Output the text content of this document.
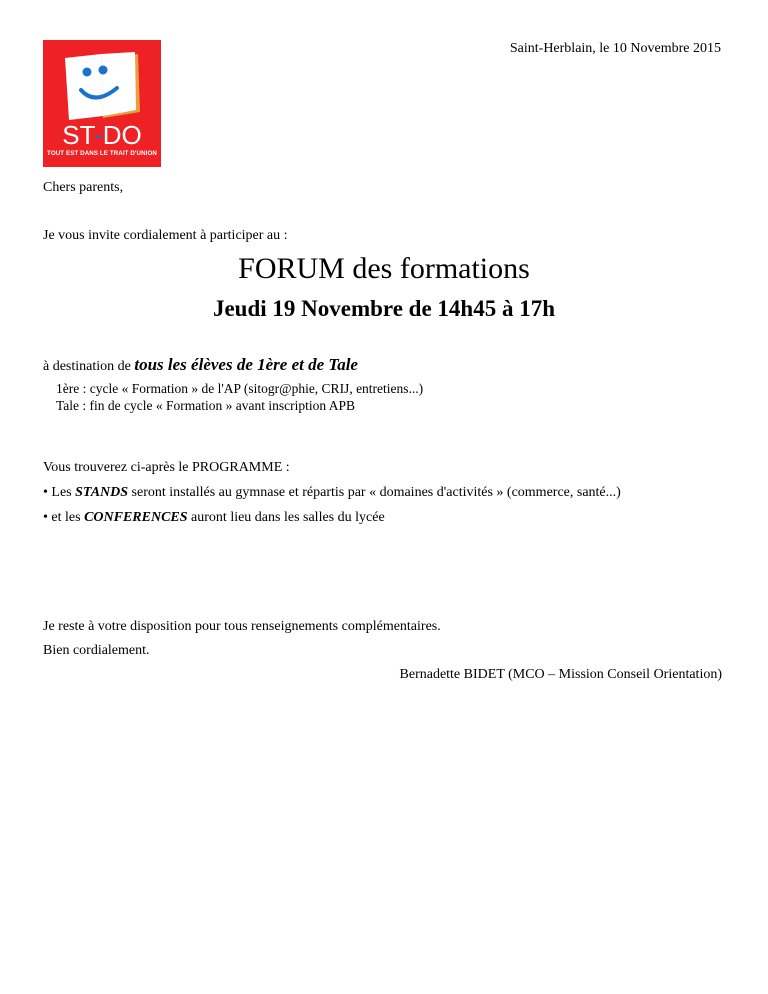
ST-DO
TOUT EST DANS LE TRAIT D'UNION
Saint-Herblain, le 10 Novembre 2015
Chers parents,
Je vous invite cordialement à participer au :
FORUM des formations
Jeudi 19 Novembre de 14h45 à 17h
à destination de tous les élèves de 1ère et de Tale
1ère : cycle « Formation » de l'AP (sitogr@phie, CRIJ, entretiens...)
Tale : fin de cycle « Formation » avant inscription APB
Vous trouverez ci-après le PROGRAMME :
• Les STANDS seront installés au gymnase et répartis par « domaines d'activités » (commerce, santé...)
• et les CONFERENCES auront lieu dans les salles du lycée
Je reste à votre disposition pour tous renseignements complémentaires.
Bien cordialement.
Bernadette BIDET (MCO – Mission Conseil Orientation)
